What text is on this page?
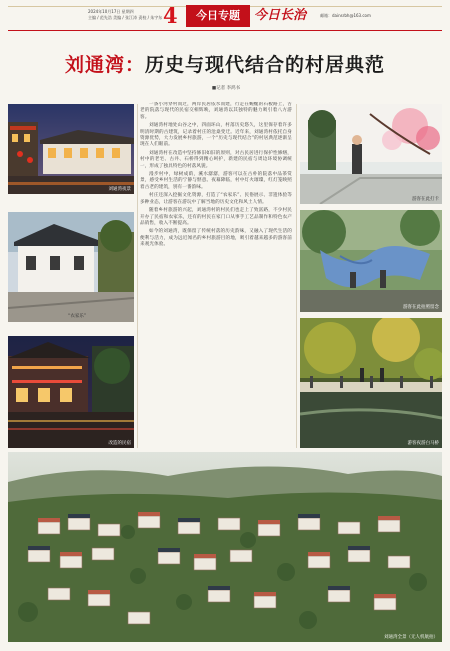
2024年10月17日 星期四
主编 / 范先浩 美编 / 张江涛 责校 / 朱宇东 4	今日专题	今日长治	邮箱：dainsrbh@163.com
刘通湾：历史与现代结合的村居典范
■记者 李鸿书
刘通湾夜景
“农家乐”
改造的民宿

一条小河穿村而过，两岸民居依水而建，行走在蜿蜒的石板路上，古老的院落与现代的民宿交相辉映，刘通湾以其独特的魅力吸引着八方游客。

刘通湾村地处山谷之中，四面环山，村落历史悠久，这里保存着许多明清时期的古建筑，记录着村庄的沧桑变迁。近年来，刘通湾村依托自身资源优势，大力发展乡村旅游，一个“历史与现代结合”的村居典范逐渐呈现在人们眼前。

刘通湾村在改造中坚持修旧如旧的原则，对古民居进行保护性修缮，村中的老宅、古井、石桥得到精心呵护，新建的民宿与周边环境协调统一，形成了独具特色的村落风貌。

漫步村中，绿树成荫，溪水潺潺，游客可以在古朴的院落中品茶赏景，感受乡村生活的宁静与惬意。夜幕降临，村中灯火璀璨，红灯笼映照着古老的建筑，别有一番韵味。

村庄还深入挖掘文化资源，打造了“农家乐”、民俗展示、非遗体验等多种业态，让游客在游玩中了解当地的历史文化和风土人情。

随着乡村旅游的兴起，刘通湾村的村民们也走上了致富路，不少村民开办了民宿和农家乐，还有的村民在家门口从事手工艺品制作和特色农产品销售，收入不断提高。

如今的刘通湾，既保留了传统村落的历史韵味，又融入了现代生活的便利与活力，成为远近闻名的乡村旅游目的地，吸引着越来越多的游客前来观光体验。

游客在此打卡
游客在此拍照留念
游客夜游白马桥
刘通湾全景（无人机航拍）
